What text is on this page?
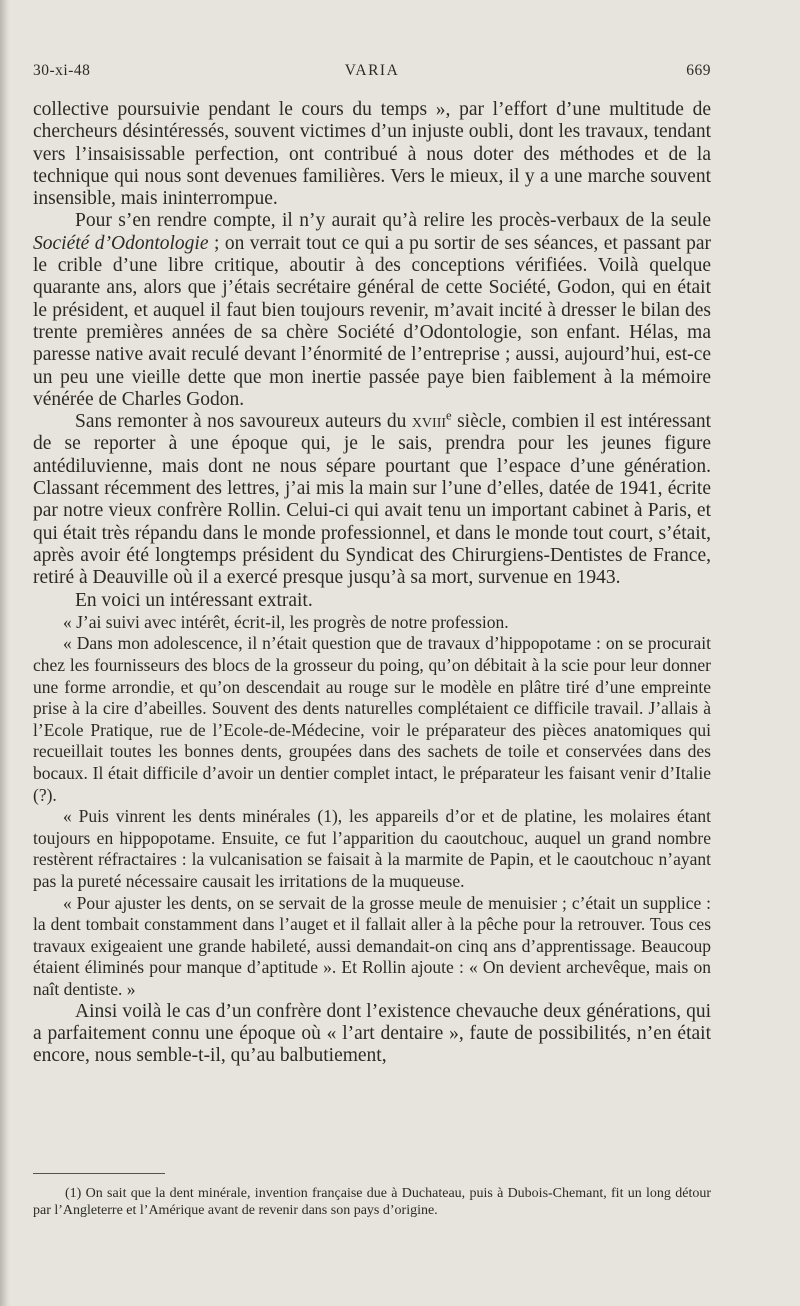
30-xi-48	VARIA	669

collective poursuivie pendant le cours du temps », par l’effort d’une multitude de chercheurs désintéressés, souvent victimes d’un injuste oubli, dont les travaux, tendant vers l’insaisissable perfection, ont contribué à nous doter des méthodes et de la technique qui nous sont devenues familières. Vers le mieux, il y a une marche souvent insensible, mais ininterrompue.

Pour s’en rendre compte, il n’y aurait qu’à relire les procès-verbaux de la seule Société d’Odontologie ; on verrait tout ce qui a pu sortir de ses séances, et passant par le crible d’une libre critique, aboutir à des conceptions vérifiées. Voilà quelque quarante ans, alors que j’étais secrétaire général de cette Société, Godon, qui en était le président, et auquel il faut bien toujours revenir, m’avait incité à dresser le bilan des trente premières années de sa chère Société d’Odontologie, son enfant. Hélas, ma paresse native avait reculé devant l’énormité de l’entreprise ; aussi, aujourd’hui, est-ce un peu une vieille dette que mon inertie passée paye bien faiblement à la mémoire vénérée de Charles Godon.

Sans remonter à nos savoureux auteurs du xviii$^e$ siècle, combien il est intéressant de se reporter à une époque qui, je le sais, prendra pour les jeunes figure antédiluvienne, mais dont ne nous sépare pourtant que l’espace d’une génération. Classant récemment des lettres, j’ai mis la main sur l’une d’elles, datée de 1941, écrite par notre vieux confrère Rollin. Celui-ci qui avait tenu un important cabinet à Paris, et qui était très répandu dans le monde professionnel, et dans le monde tout court, s’était, après avoir été longtemps président du Syndicat des Chirurgiens-Dentistes de France, retiré à Deauville où il a exercé presque jusqu’à sa mort, survenue en 1943.

En voici un intéressant extrait.

« J’ai suivi avec intérêt, écrit-il, les progrès de notre profession.

« Dans mon adolescence, il n’était question que de travaux d’hippopotame : on se procurait chez les fournisseurs des blocs de la grosseur du poing, qu’on débitait à la scie pour leur donner une forme arrondie, et qu’on descendait au rouge sur le modèle en plâtre tiré d’une empreinte prise à la cire d’abeilles. Souvent des dents naturelles complétaient ce difficile travail. J’allais à l’Ecole Pratique, rue de l’Ecole-de-Médecine, voir le préparateur des pièces anatomiques qui recueillait toutes les bonnes dents, groupées dans des sachets de toile et conservées dans des bocaux. Il était difficile d’avoir un dentier complet intact, le préparateur les faisant venir d’Italie (?).

« Puis vinrent les dents minérales (1), les appareils d’or et de platine, les molaires étant toujours en hippopotame. Ensuite, ce fut l’apparition du caoutchouc, auquel un grand nombre restèrent réfractaires : la vulcanisation se faisait à la marmite de Papin, et le caoutchouc n’ayant pas la pureté nécessaire causait les irritations de la muqueuse.

« Pour ajuster les dents, on se servait de la grosse meule de menuisier ; c’était un supplice : la dent tombait constamment dans l’auget et il fallait aller à la pêche pour la retrouver. Tous ces travaux exigeaient une grande habileté, aussi demandait-on cinq ans d’apprentissage. Beaucoup étaient éliminés pour manque d’aptitude ». Et Rollin ajoute : « On devient archevêque, mais on naît dentiste. »

Ainsi voilà le cas d’un confrère dont l’existence chevauche deux générations, qui a parfaitement connu une époque où « l’art dentaire », faute de possibilités, n’en était encore, nous semble-t-il, qu’au balbutiement,

(1) On sait que la dent minérale, invention française due à Duchateau, puis à Dubois-Chemant, fit un long détour par l’Angleterre et l’Amérique avant de revenir dans son pays d’origine.
